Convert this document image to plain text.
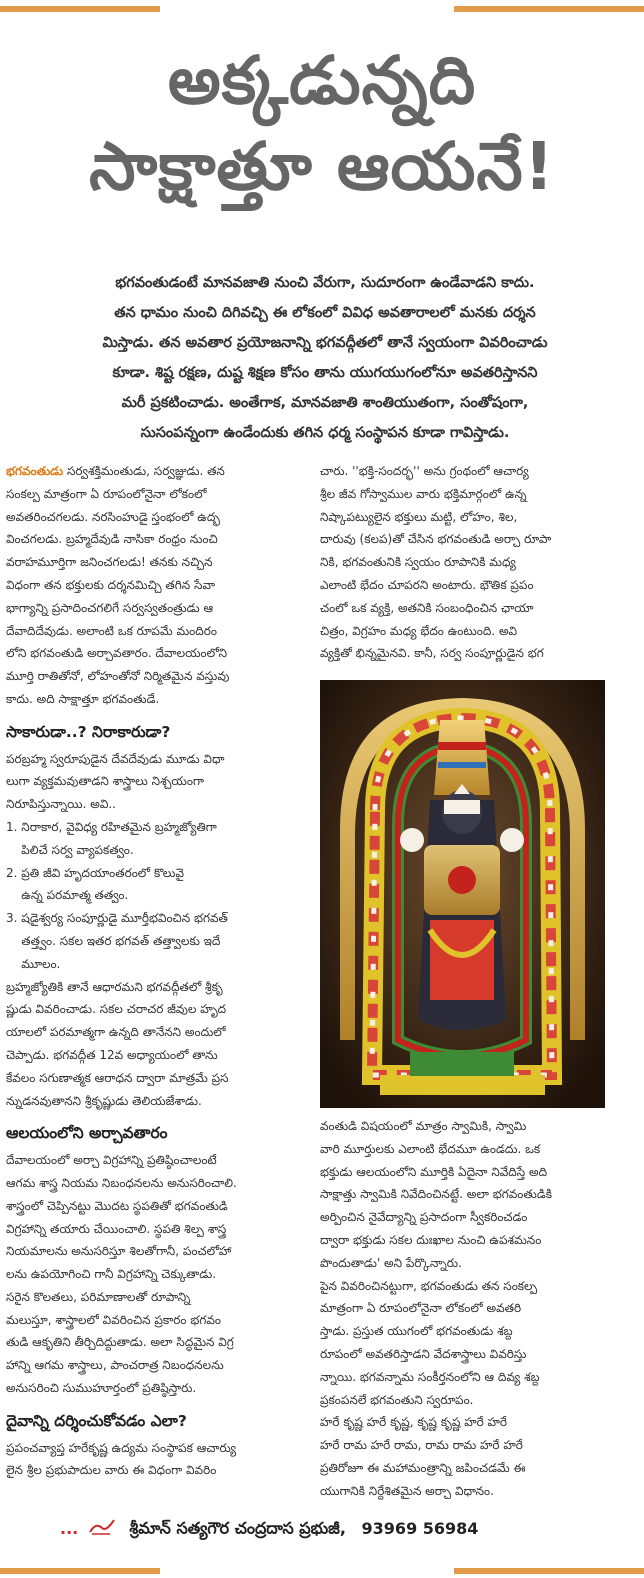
అక్కడున్నది
సాక్షాత్తూ ఆయనే!
భగవంతుడంటే మానవజాతి నుంచి వేరుగా, సుదూరంగా ఉండేవాడని కాదు.
తన ధామం నుంచి దిగివచ్చి ఈ లోకంలో వివిధ అవతారాలలో మనకు దర్శన
మిస్తాడు. తన అవతార ప్రయోజనాన్ని భగవద్గీతలో తానే స్వయంగా వివరించాడు
కూడా. శిష్ట రక్షణ, దుష్ట శిక్షణ కోసం తాను యుగయుగంలోనూ అవతరిస్తానని
మరీ ప్రకటించాడు. అంతేగాక, మానవజాతి శాంతియుతంగా, సంతోషంగా,
సుసంపన్నంగా ఉండేందుకు తగిన ధర్మ సంస్థాపన కూడా గావిస్తాడు.
భగవంతుడు సర్వశక్తిమంతుడు, సర్వజ్ఞుడు. తన
సంకల్ప మాత్రంగా ఏ రూపంలోనైనా లోకంలో
అవతరించగలడు. నరసింహుడై స్తంభంలో ఉద్భ
వించగలడు. బ్రహ్మదేవుడి నాసికా రంధ్రం నుంచి
వరాహమూర్తిగా జనించగలడు! తనకు నచ్చిన
విధంగా తన భక్తులకు దర్శనమిచ్చి తగిన సేవా
భాగ్యాన్ని ప్రసాదించగలిగే సర్వస్వతంత్రుడు ఆ
దేవాదిదేవుడు. అలాంటి ఒక రూపమే మందిరం
లోని భగవంతుడి అర్చావతారం. దేవాలయంలోని
మూర్తి రాతితోనో, లోహంతోనో నిర్మితమైన వస్తువు
కాదు. అది సాక్షాత్తూ భగవంతుడే.
సాకారుడా..? నిరాకారుడా?
పరబ్రహ్మ స్వరూపుడైన దేవదేవుడు మూడు విధా
లుగా వ్యక్తమవుతాడని శాస్త్రాలు నిశ్చయంగా
నిరూపిస్తున్నాయి. అవి..
1. నిరాకార, వైవిధ్య రహితమైన బ్రహ్మజ్యోతిగా
పిలిచే సర్వ వ్యాపకత్వం.
2. ప్రతి జీవి హృదయాంతరంలో కొలువై
ఉన్న పరమాత్మ తత్వం.
3. షడైశ్వర్య సంపూర్ణుడై మూర్తీభవించిన భగవత్
తత్త్వం. సకల ఇతర భగవత్ తత్త్వాలకు ఇదే
మూలం.
బ్రహ్మజ్యోతికి తానే ఆధారమని భగవద్గీతలో శ్రీకృ
ష్ణుడు వివరించాడు. సకల చరాచర జీవుల హృద
యాలలో పరమాత్మగా ఉన్నది తానేనని అందులో
చెప్పాడు. భగవద్గీత 12వ అధ్యాయంలో తాను
కేవలం సగుణాత్మక ఆరాధన ద్వారా మాత్రమే ప్రస
న్నుడనవుతానని శ్రీకృష్ణుడు తెలియజేశాడు.
ఆలయంలోని అర్చావతారం
దేవాలయంలో అర్చా విగ్రహాన్ని ప్రతిష్ఠించాలంటే
ఆగమ శాస్త్ర నియమ నిబంధనలను అనుసరించాలి.
శాస్త్రంలో చెప్పినట్టు మొదట స్థపతితో భగవంతుడి
విగ్రహాన్ని తయారు చేయించాలి. స్థపతి శిల్ప శాస్త్ర
నియమాలను అనుసరిస్తూ శిలతోగానీ, పంచలోహా
లను ఉపయోగించి గానీ విగ్రహాన్ని చెక్కుతాడు.
సరైన కొలతలు, పరిమాణాలతో రూపాన్ని
మలుస్తూ, శాస్త్రాలలో వివరించిన ప్రకారం భగవం
తుడి ఆకృతిని తీర్చిదిద్దుతాడు. అలా సిద్ధమైన విగ్ర
హాన్ని ఆగమ శాస్త్రాలు, పాంచరాత్ర నిబంధనలను
అనుసరించి సుముహూర్తంలో ప్రతిష్ఠిస్తారు.
దైవాన్ని దర్శించుకోవడం ఎలా?
ప్రపంచవ్యాప్త హరేకృష్ణ ఉద్యమ సంస్థాపక ఆచార్యు
లైన శ్రీల ప్రభుపాదుల వారు ఈ విధంగా వివరిం
చారు. ''భక్తి-సందర్భ'' అను గ్రంథంలో ఆచార్య
శ్రీల జీవ గోస్వాముల వారు భక్తిమార్గంలో ఉన్న
నిష్కాపట్యులైన భక్తులు మట్టి, లోహం, శిల,
దారువు (కలప)తో చేసిన భగవంతుడి అర్చా రూపా
నికి, భగవంతునికి స్వయం రూపానికి మధ్య
ఎలాంటి భేదం చూపరని అంటారు. భౌతిక ప్రపం
చంలో ఒక వ్యక్తి, అతనికి సంబంధించిన ఛాయా
చిత్రం, విగ్రహం మధ్య భేదం ఉంటుంది. అవి
వ్యక్తితో భిన్నమైనవి. కానీ, సర్వ సంపూర్ణుడైన భగ
వంతుడి విషయంలో మాత్రం స్వామికి, స్వామి
వారి మూర్తులకు ఎలాంటి భేదమూ ఉండదు. ఒక
భక్తుడు ఆలయంలోని మూర్తికి ఏదైనా నివేదిస్తే అది
సాక్షాత్తు స్వామికి నివేదించినట్టే. అలా భగవంతుడికి
అర్పించిన నైవేద్యాన్ని ప్రసాదంగా స్వీకరించడం
ద్వారా భక్తుడు సకల దుఃఖాల నుంచి ఉపశమనం
పొందుతాడు' అని పేర్కొన్నారు.
పైన వివరించినట్టుగా, భగవంతుడు తన సంకల్ప
మాత్రంగా ఏ రూపంలోనైనా లోకంలో అవతరి
స్తాడు. ప్రస్తుత యుగంలో భగవంతుడు శబ్ద
రూపంలో అవతరిస్తాడని వేదశాస్త్రాలు వివరిస్తు
న్నాయి. భగవన్నామ సంకీర్తనంలోని ఆ దివ్య శబ్ద
ప్రకంపనలే భగవంతుని స్వరూపం.
హరే కృష్ణ హరే కృష్ణ, కృష్ణ కృష్ణ హరే హరే
హరే రామ హరే రామ, రామ రామ హరే హరే
ప్రతిరోజూ ఈ మహామంత్రాన్ని జపించడమే ఈ
యుగానికి నిర్దేశితమైన అర్చా విధానం.
...	శ్రీమాన్ సత్యగౌర చంద్రదాస ప్రభుజీ, 93969 56984
